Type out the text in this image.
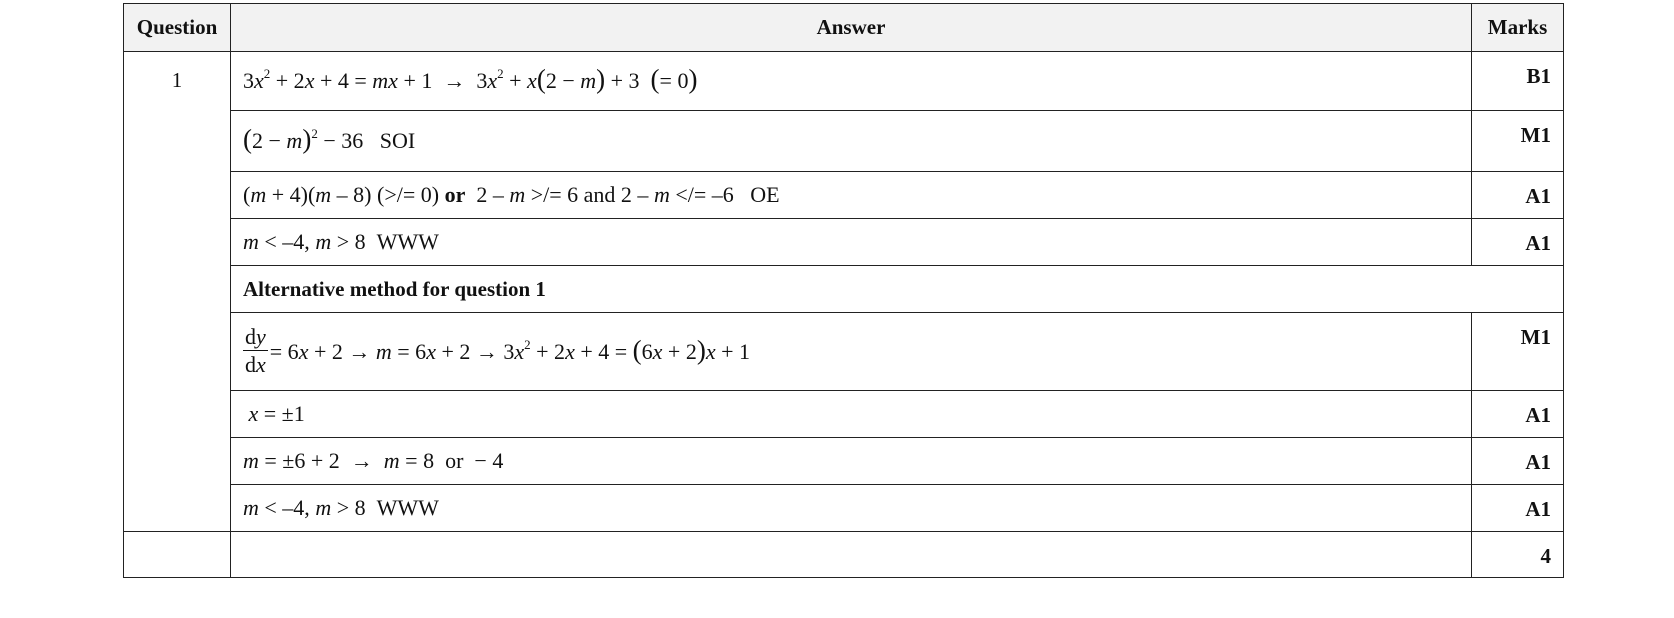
Question	Answer	Marks
1	$3x^2 + 2x + 4$ = mx + $1 \to 3x^2 + x(2 - m) + 3$  (= 0)	B1

	$(2 - m)^2 - 36$   SOI	M1

	(m + 4)(m – 8) (>/= 0) or  2 – m >/= 6 and 2 – m </= –6   OE	A1

	m < –4, m > 8  WWW	A1

Alternative method for question 1	

	$\frac{dy}{dx} = 6x + 2 \to m = 6x + 2 \to 3x^2 + 2x + 4 = (6x + 2)x + 1$	M1

	x = ±1	A1

	m = ±6 + 2  →  m = 8  or  − 4	A1

	m < –4, m > 8  WWW	A1
		4
